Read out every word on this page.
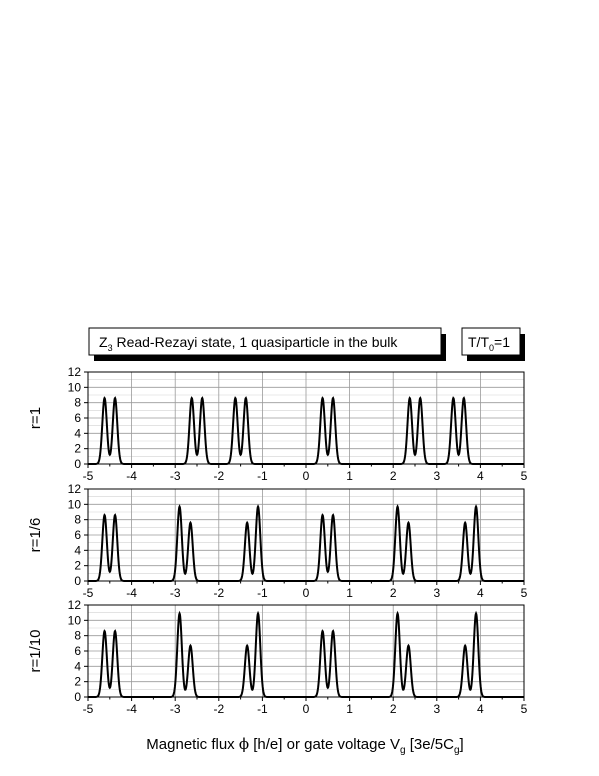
$Z_3$ Read-Rezayi state, 1 quasiparticle in the bulk	$T/T_0=1$
-5	-4	-3	-2	-1	0	1	2	3	4	5
0
2
4
6
8
10
12
r=1
-5	-4	-3	-2	-1	0	1	2	3	4	5
0
2
4
6
8
10
12
r=1/6
-5	-4	-3	-2	-1	0	1	2	3	4	5
0
2
4
6
8
10
12
r=1/10
Magnetic flux ϕ [h/e] or gate voltage $V_g$ $[3e/5C_g]$
